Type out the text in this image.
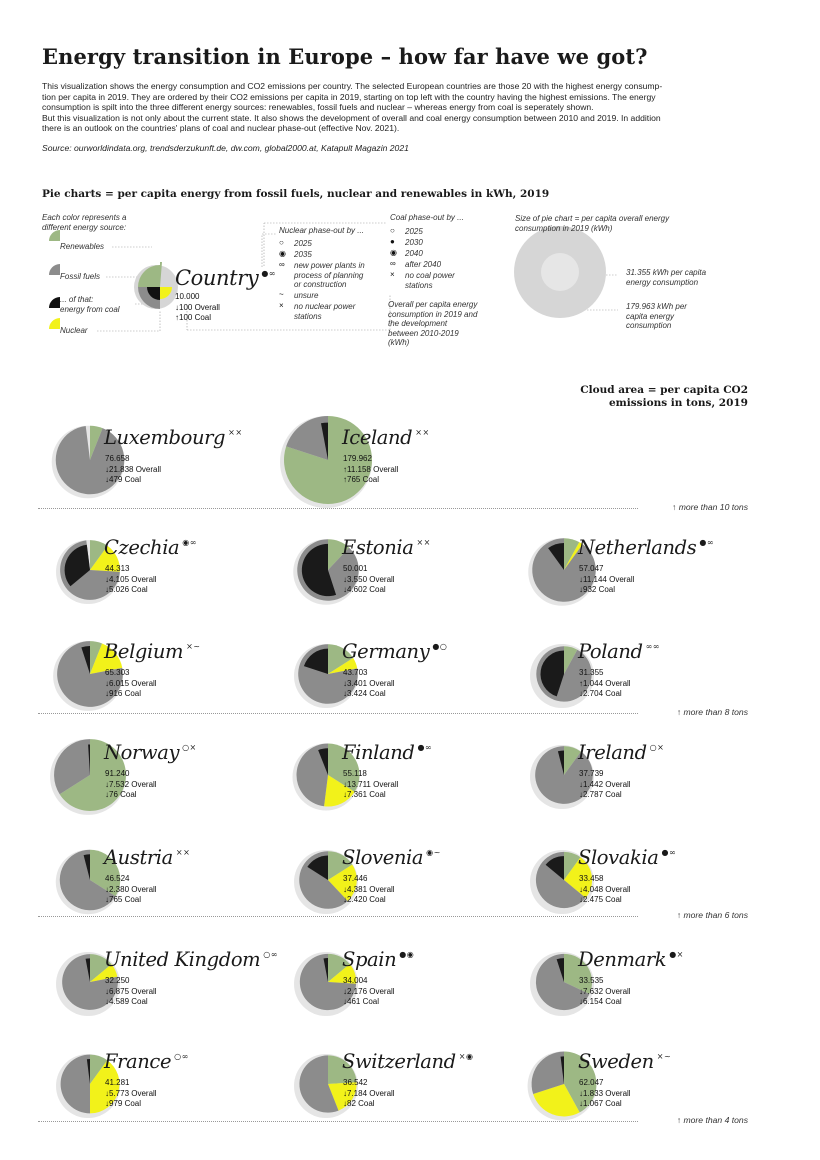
Energy transition in Europe – how far have we got?

This visualization shows the energy consumption and CO2 emissions per country. The selected European countries are those 20 with the highest energy consump-

tion per capita in 2019. They are ordered by their CO2 emissions per capita in 2019, starting on top left with the country having the highest emissions. The energy

consumption is spilt into the three different energy sources: renewables, fossil fuels and nuclear – whereas energy from coal is seperately shown.

But this visualization is not only about the current state. It also shows the development of overall and coal energy consumption between 2010 and 2019. In addition

there is an outlook on the countries' plans of coal and nuclear phase-out (effective Nov. 2021).

Source: ourworldindata.org, trendsderzukunft.de, dw.com, global2000.at, Katapult Magazin 2021
Pie charts = per capita energy from fossil fuels, nuclear and renewables in kWh, 2019
Each color represents a
different energy source:
Renewables
Fossil fuels
... of that:
energy from coal
Nuclear
Country ●∞
10.000
↓100 Overall
↑100 Coal
Nuclear phase-out by ...
○ 2025
◉ 2035
∞ new power plants in
process of planning
or construction
~ unsure
× no nuclear power
stations
Coal phase-out by ...
○ 2025
● 2030
◉ 2040
∞ after 2040
× no coal power
stations
Overall per capita energy
consumption in 2019 and
the development
between 2010-2019
(kWh)
Size of pie chart = per capita overall energy
consumption in 2019 (kWh)
31.355 kWh per capita
energy consumption
179.963 kWh per
capita energy
consumption
Cloud area = per capita CO2
emissions in tons, 2019
Luxembourg ××
76.658
↓21.838 Overall
↓479 Coal
Iceland ××
179.962
↑11.158 Overall
↑765 Coal
Czechia ◉∞
44.313
↓4.105 Overall
↓5.026 Coal
Estonia ××
50.001
↓3.550 Overall
↓4.602 Coal
Netherlands ●∞
57.047
↓11.144 Overall
↓932 Coal
Belgium ×~
65.303
↓6.015 Overall
↓916 Coal
Germany ●○
43.703
↓3.401 Overall
↓3.424 Coal
Poland ∞∞
31.355
↑1.044 Overall
↓2.704 Coal
Norway ○×
91.240
↓7.532 Overall
↓76 Coal
Finland ●∞
55.118
↓13.711 Overall
↓7.361 Coal
Ireland ○×
37.739
↓1.442 Overall
↓2.787 Coal
Austria ××
46.524
↓2.380 Overall
↓765 Coal
Slovenia ◉~
37.446
↓4.381 Overall
↓2.420 Coal
Slovakia ●∞
33.458
↓4.048 Overall
↓2.475 Coal
United Kingdom ○∞
32.250
↓6.875 Overall
↓4.589 Coal
Spain ●◉
34.004
↓2.176 Overall
↓461 Coal
Denmark ●×
33.535
↓7.632 Overall
↓6.154 Coal
France ○∞
41.281
↓5.773 Overall
↓979 Coal
Switzerland ×◉
36.542
↓7.184 Overall
↓82 Coal
Sweden ×~
62.047
↓1.833 Overall
↓1.067 Coal
↑ more than 10 tons
↑ more than 8 tons
↑ more than 6 tons
↑ more than 4 tons
